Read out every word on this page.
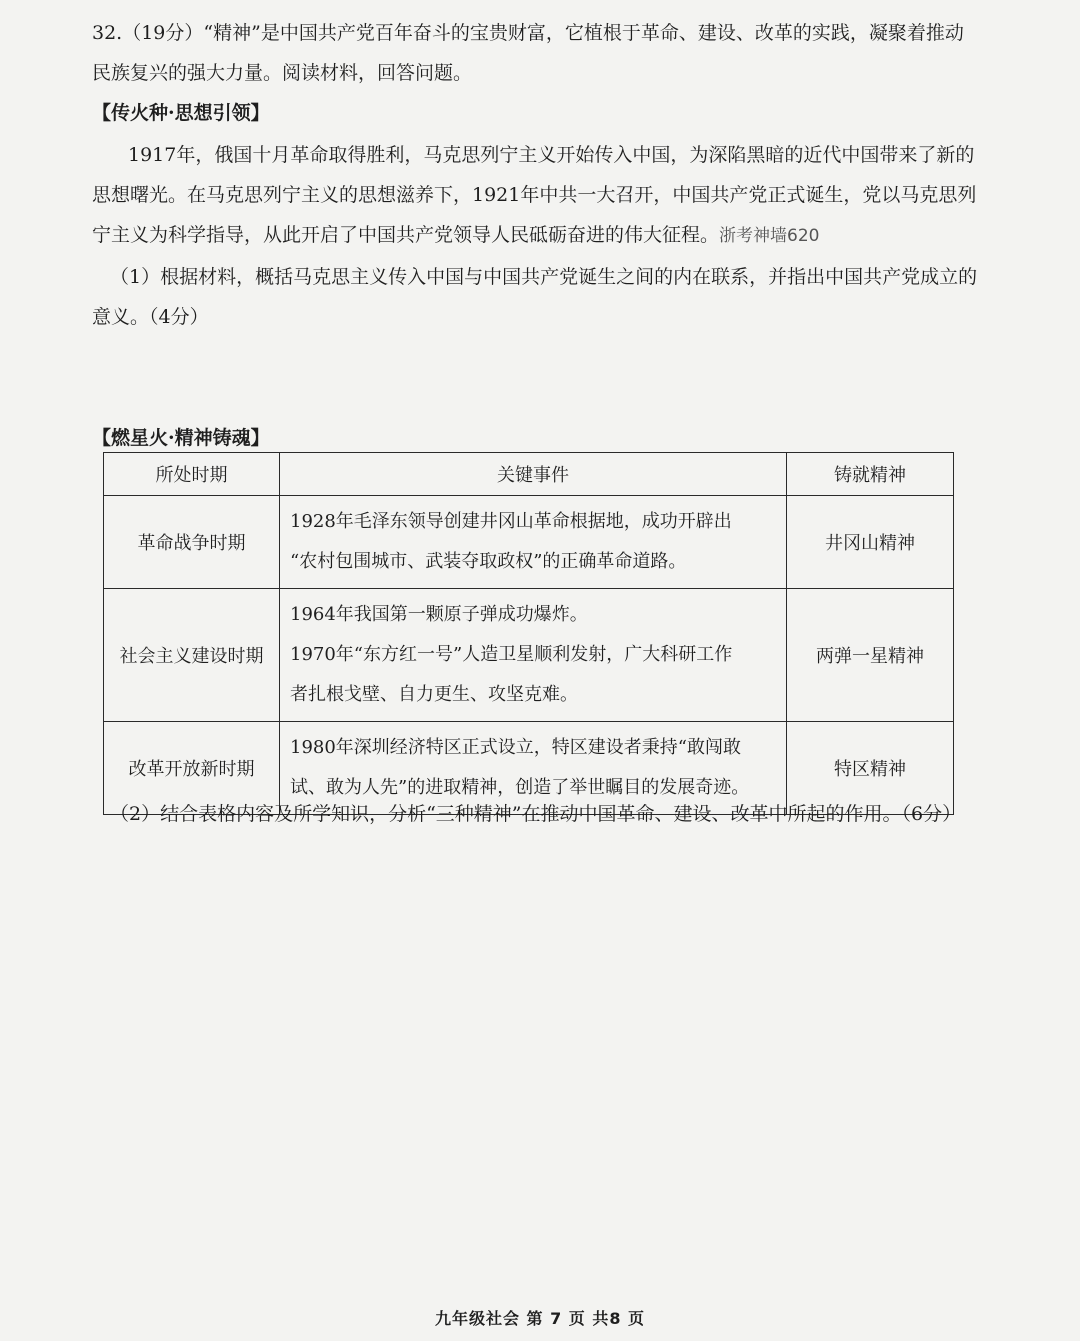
32.（19分）“精神”是中国共产党百年奋斗的宝贵财富，它植根于革命、建设、改革的实践，凝聚着推动
民族复兴的强大力量。阅读材料，回答问题。
【传火种·思想引领】
1917年，俄国十月革命取得胜利，马克思列宁主义开始传入中国，为深陷黑暗的近代中国带来了新的
思想曙光。在马克思列宁主义的思想滋养下，1921年中共一大召开，中国共产党正式诞生，党以马克思列
宁主义为科学指导，从此开启了中国共产党领导人民砥砺奋进的伟大征程。浙考神墙620
（1）根据材料，概括马克思主义传入中国与中国共产党诞生之间的内在联系，并指出中国共产党成立的
意义。（4分）
【燃星火·精神铸魂】
所处时期	关键事件	铸就精神
革命战争时期	1928年毛泽东领导创建井冈山革命根据地，成功开辟出
“农村包围城市、武装夺取政权”的正确革命道路。	井冈山精神
社会主义建设时期	1964年我国第一颗原子弹成功爆炸。
1970年“东方红一号”人造卫星顺利发射，广大科研工作
者扎根戈壁、自力更生、攻坚克难。	两弹一星精神
改革开放新时期	1980年深圳经济特区正式设立，特区建设者秉持“敢闯敢
试、敢为人先”的进取精神，创造了举世瞩目的发展奇迹。	特区精神
（2）结合表格内容及所学知识，分析“三种精神”在推动中国革命、建设、改革中所起的作用。（6分）
九年级社会 第 7 页 共8 页
